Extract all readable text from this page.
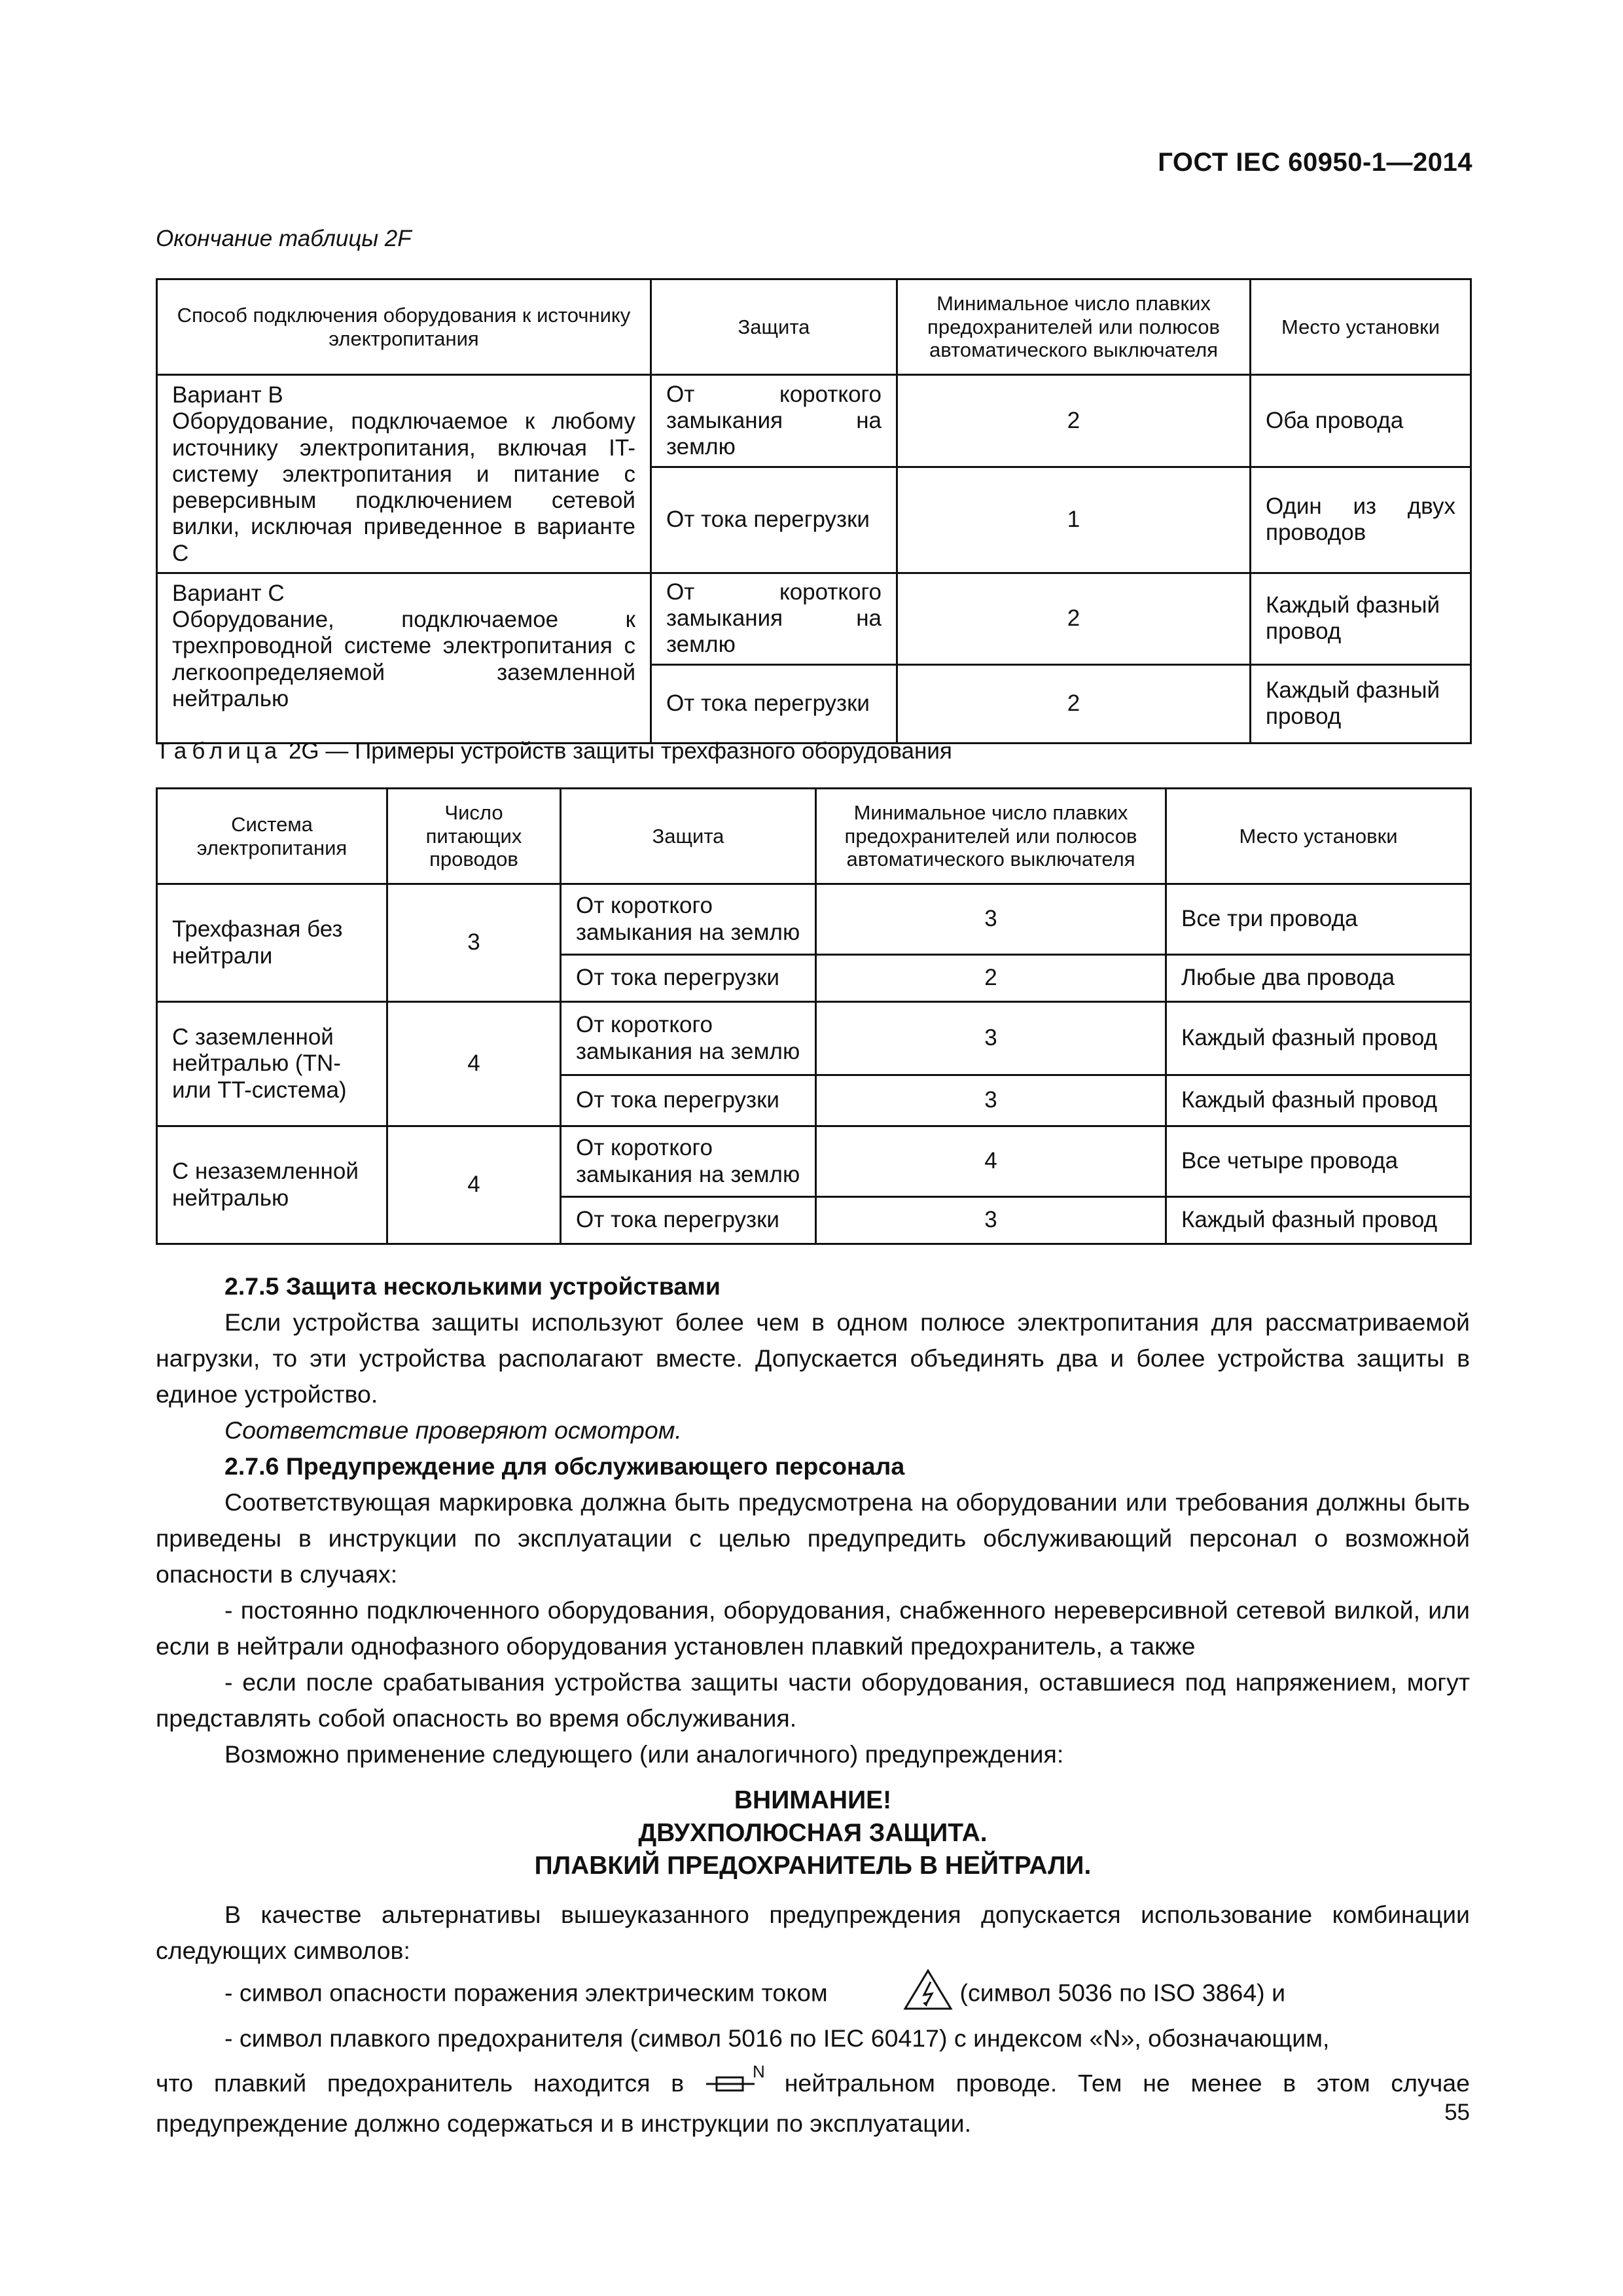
ГОСТ IEC 60950-1—2014
Окончание таблицы 2F
Способ подключения оборудования к источнику электропитания	Защита	Минимальное число плавких предохранителей или полюсов автоматического выключателя	Место установки
Вариант В
Оборудование, подключаемое к любому источнику электропитания, включая IT-систему электропитания и питание с реверсивным подключением сетевой вилки, исключая приведенное в варианте С	От короткого замыкания на землю	2	Оба провода
	От тока перегрузки	1	Один из двух проводов
Вариант С
Оборудование, подключаемое к трехпроводной системе электропитания с легкоопределяемой заземленной нейтралью	От короткого замыкания на землю	2	Каждый фазный провод
	От тока перегрузки	2	Каждый фазный провод
Таблица 2G — Примеры устройств защиты трехфазного оборудования
Система электропитания	Число питающих проводов	Защита	Минимальное число плавких предохранителей или полюсов автоматического выключателя	Место установки
Трехфазная без нейтрали	3	От короткого замыкания на землю	3	Все три провода
		От тока перегрузки	2	Любые два провода
С заземленной нейтралью (TN- или TT-система)	4	От короткого замыкания на землю	3	Каждый фазный провод
		От тока перегрузки	3	Каждый фазный провод
С незаземленной нейтралью	4	От короткого замыкания на землю	4	Все четыре провода
		От тока перегрузки	3	Каждый фазный провод

2.7.5 Защита несколькими устройствами

Если устройства защиты используют более чем в одном полюсе электропитания для рассматриваемой нагрузки, то эти устройства располагают вместе. Допускается объединять два и более устройства защиты в единое устройство.

Соответствие проверяют осмотром.

2.7.6 Предупреждение для обслуживающего персонала

Соответствующая маркировка должна быть предусмотрена на оборудовании или требования должны быть приведены в инструкции по эксплуатации с целью предупредить обслуживающий персонал о возможной опасности в случаях:

- постоянно подключенного оборудования, оборудования, снабженного нереверсивной сетевой вилкой, или если в нейтрали однофазного оборудования установлен плавкий предохранитель, а также

- если после срабатывания устройства защиты части оборудования, оставшиеся под напряжением, могут представлять собой опасность во время обслуживания.

Возможно применение следующего (или аналогичного) предупреждения:

ВНИМАНИЕ!
ДВУХПОЛЮСНАЯ ЗАЩИТА.
ПЛАВКИЙ ПРЕДОХРАНИТЕЛЬ В НЕЙТРАЛИ.

В качестве альтернативы вышеуказанного предупреждения допускается использование комбинации следующих символов:

- символ опасности поражения электрическим током	(символ 5036 по ISO 3864) и

- символ плавкого предохранителя (символ 5016 по IEC 60417) с индексом «N», обозначающим,

что плавкий предохранитель находится в	N нейтральном проводе. Тем не менее в этом случае предупреждение должно содержаться и в инструкции по эксплуатации.	55
